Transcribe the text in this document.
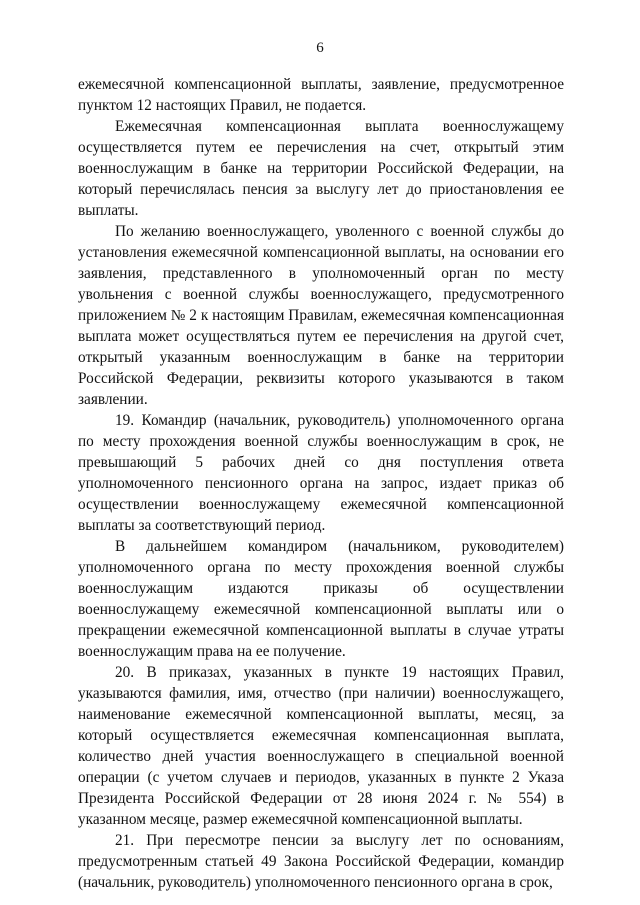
6

ежемесячной компенсационной выплаты, заявление, предусмотренное пунктом 12 настоящих Правил, не подается.

Ежемесячная компенсационная выплата военнослужащему осуществляется путем ее перечисления на счет, открытый этим военнослужащим в банке на территории Российской Федерации, на который перечислялась пенсия за выслугу лет до приостановления ее выплаты.

По желанию военнослужащего, уволенного с военной службы до установления ежемесячной компенсационной выплаты, на основании его заявления, представленного в уполномоченный орган по месту увольнения с военной службы военнослужащего, предусмотренного приложением № 2 к настоящим Правилам, ежемесячная компенсационная выплата может осуществляться путем ее перечисления на другой счет, открытый указанным военнослужащим в банке на территории Российской Федерации, реквизиты которого указываются в таком заявлении.

19. Командир (начальник, руководитель) уполномоченного органа по месту прохождения военной службы военнослужащим в срок, не превышающий 5 рабочих дней со дня поступления ответа уполномоченного пенсионного органа на запрос, издает приказ об осуществлении военнослужащему ежемесячной компенсационной выплаты за соответствующий период.

В дальнейшем командиром (начальником, руководителем) уполномоченного органа по месту прохождения военной службы военнослужащим издаются приказы об осуществлении военнослужащему ежемесячной компенсационной выплаты или о прекращении ежемесячной компенсационной выплаты в случае утраты военнослужащим права на ее получение.

20. В приказах, указанных в пункте 19 настоящих Правил, указываются фамилия, имя, отчество (при наличии) военнослужащего, наименование ежемесячной компенсационной выплаты, месяц, за который осуществляется ежемесячная компенсационная выплата, количество дней участия военнослужащего в специальной военной операции (с учетом случаев и периодов, указанных в пункте 2 Указа Президента Российской Федерации от 28 июня 2024 г. № 554) в указанном месяце, размер ежемесячной компенсационной выплаты.

21. При пересмотре пенсии за выслугу лет по основаниям, предусмотренным статьей 49 Закона Российской Федерации, командир (начальник, руководитель) уполномоченного пенсионного органа в срок,
